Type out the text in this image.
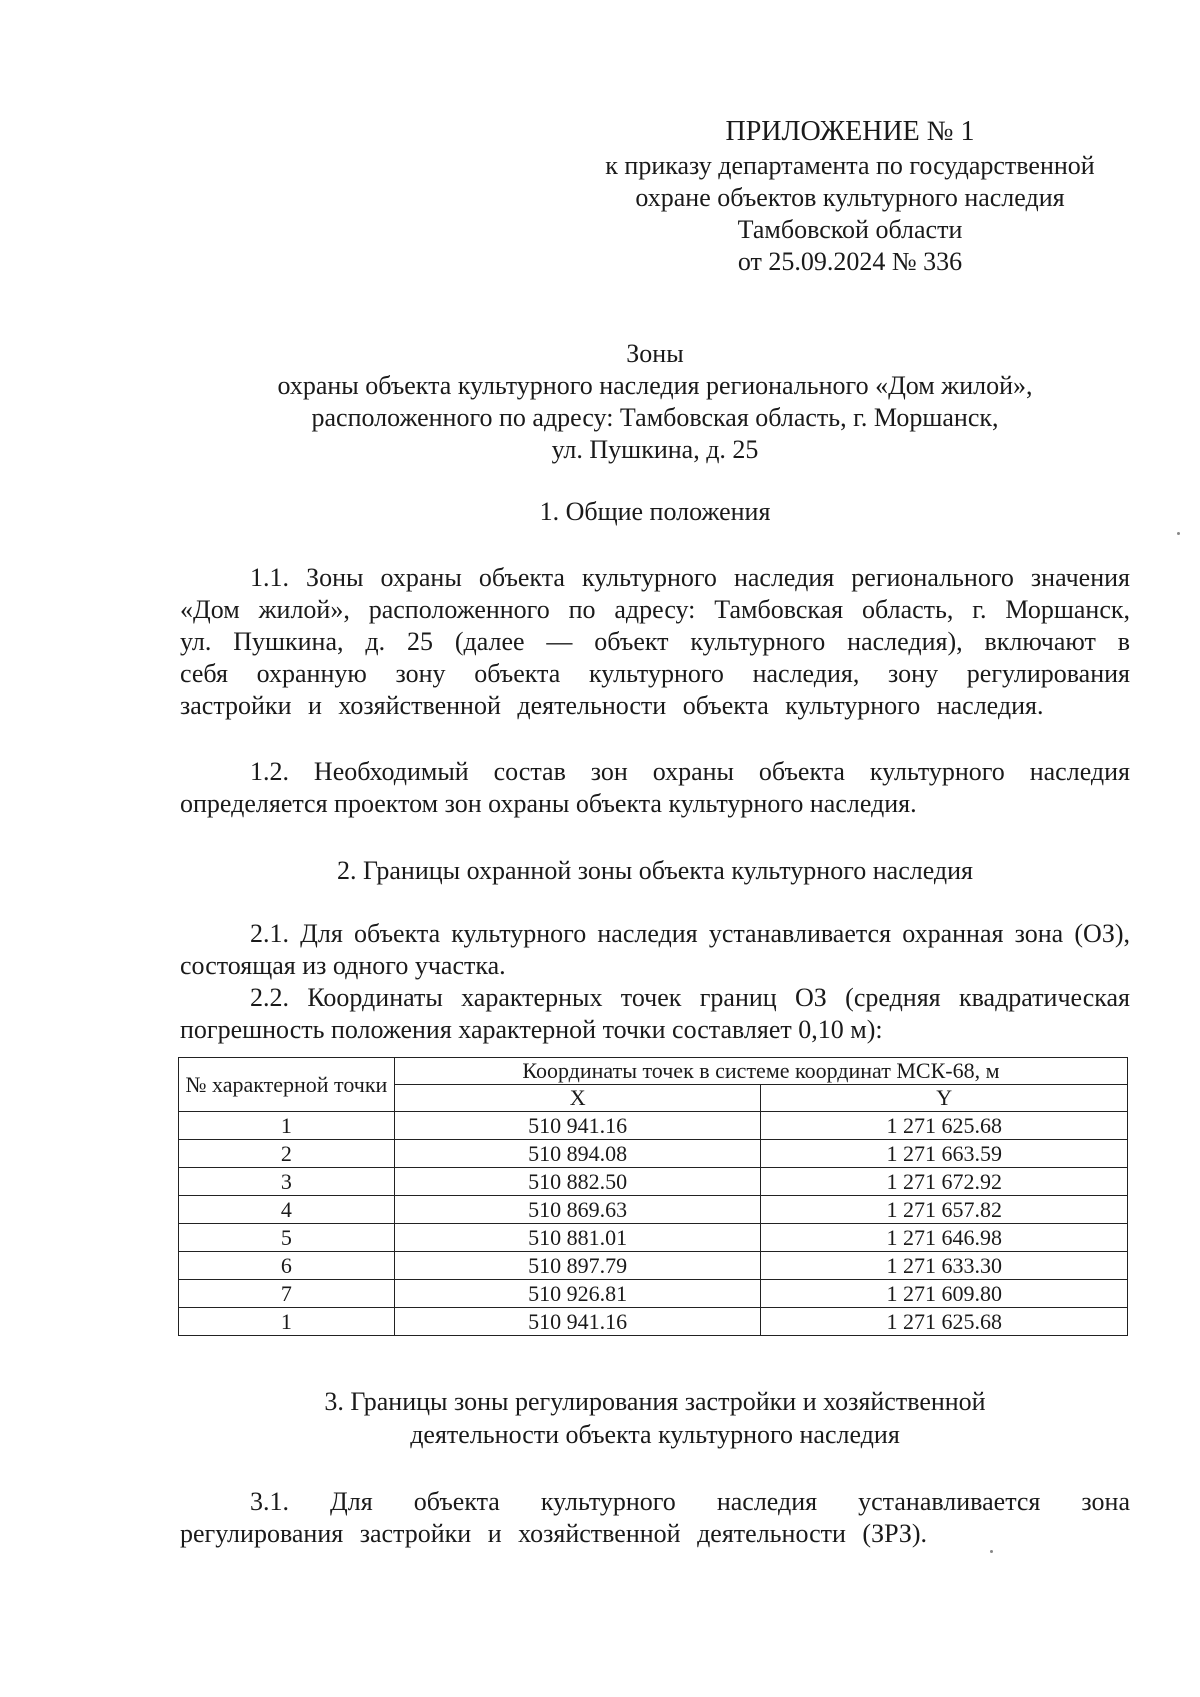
ПРИЛОЖЕНИЕ № 1
к приказу департамента по государственной
охране объектов культурного наследия
Тамбовской области
от 25.09.2024 № 336
Зоны
охраны объекта культурного наследия регионального «Дом жилой»,
расположенного по адресу: Тамбовская область, г. Моршанск,
ул. Пушкина, д. 25
1. Общие положения
1.1. Зоны охраны объекта культурного наследия регионального значения «Дом жилой», расположенного по адресу: Тамбовская область, г. Моршанск, ул. Пушкина, д. 25 (далее — объект культурного наследия), включают в себя охранную зону объекта культурного наследия, зону регулирования застройки и хозяйственной деятельности объекта культурного наследия.
1.2. Необходимый состав зон охраны объекта культурного наследия определяется проектом зон охраны объекта культурного наследия.
2. Границы охранной зоны объекта культурного наследия
2.1. Для объекта культурного наследия устанавливается охранная зона (ОЗ), состоящая из одного участка.
2.2. Координаты характерных точек границ ОЗ (средняя квадратическая погрешность положения характерной точки составляет 0,10 м):
№ характерной точки	Координаты точек в системе координат МСК-68, м	
	X	Y
1	510 941.16	1 271 625.68
2	510 894.08	1 271 663.59
3	510 882.50	1 271 672.92
4	510 869.63	1 271 657.82
5	510 881.01	1 271 646.98
6	510 897.79	1 271 633.30
7	510 926.81	1 271 609.80
1	510 941.16	1 271 625.68
3. Границы зоны регулирования застройки и хозяйственной
деятельности объекта культурного наследия
3.1. Для объекта культурного наследия устанавливается зона регулирования застройки и хозяйственной деятельности (ЗРЗ).
